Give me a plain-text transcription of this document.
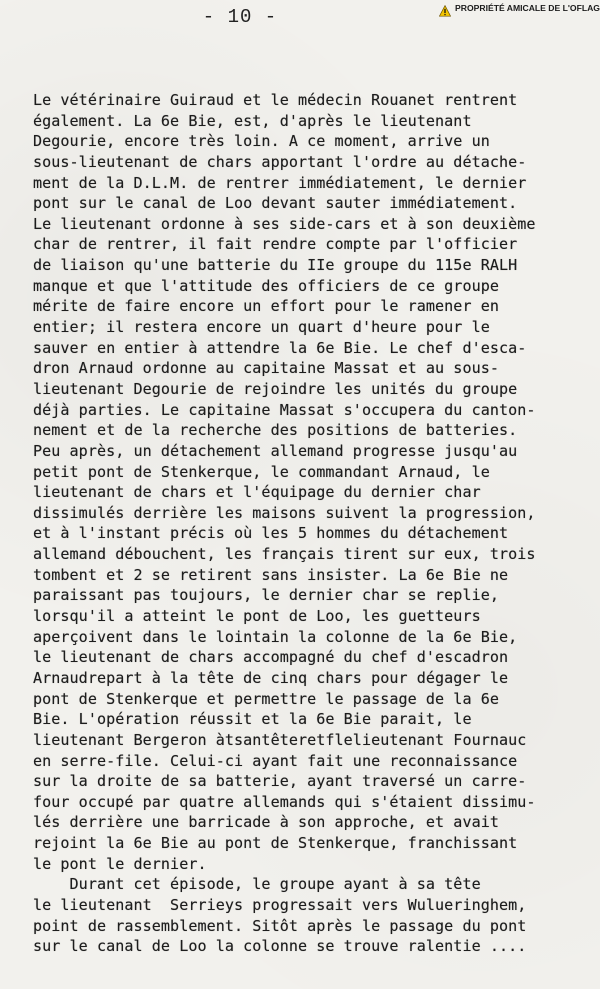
- 10 -	PROPRIÉTÉ AMICALE DE L'OFLAG
Le vétérinaire Guiraud et le médecin Rouanet rentrent
également. La 6e Bie, est, d'après le lieutenant
Degourie, encore très loin. A ce moment, arrive un
sous-lieutenant de chars apportant l'ordre au détache-
ment de la D.L.M. de rentrer immédiatement, le dernier
pont sur le canal de Loo devant sauter immédiatement.
Le lieutenant ordonne à ses side-cars et à son deuxième
char de rentrer, il fait rendre compte par l'officier
de liaison qu'une batterie du IIe groupe du 115e RALH
manque et que l'attitude des officiers de ce groupe
mérite de faire encore un effort pour le ramener en
entier; il restera encore un quart d'heure pour le
sauver en entier à attendre la 6e Bie. Le chef d'esca-
dron Arnaud ordonne au capitaine Massat et au sous-
lieutenant Degourie de rejoindre les unités du groupe
déjà parties. Le capitaine Massat s'occupera du canton-
nement et de la recherche des positions de batteries.
Peu après, un détachement allemand progresse jusqu'au
petit pont de Stenkerque, le commandant Arnaud, le
lieutenant de chars et l'équipage du dernier char
dissimulés derrière les maisons suivent la progression,
et à l'instant précis où les 5 hommes du détachement
allemand débouchent, les français tirent sur eux, trois
tombent et 2 se retirent sans insister. La 6e Bie ne
paraissant pas toujours, le dernier char se replie,
lorsqu'il a atteint le pont de Loo, les guetteurs
aperçoivent dans le lointain la colonne de la 6e Bie,
le lieutenant de chars accompagné du chef d'escadron
Arnaudrepart à la tête de cinq chars pour dégager le
pont de Stenkerque et permettre le passage de la 6e
Bie. L'opération réussit et la 6e Bie parait, le
lieutenant Bergeron àtsantêteretflelieutenant Fournauc
en serre-file. Celui-ci ayant fait une reconnaissance
sur la droite de sa batterie, ayant traversé un carre-
four occupé par quatre allemands qui s'étaient dissimu-
lés derrière une barricade à son approche, et avait
rejoint la 6e Bie au pont de Stenkerque, franchissant
le pont le dernier.
Durant cet épisode, le groupe ayant à sa tête
le lieutenant  Serrieys progressait vers Wulueringhem,
point de rassemblement. Sitôt après le passage du pont
sur le canal de Loo la colonne se trouve ralentie ....
